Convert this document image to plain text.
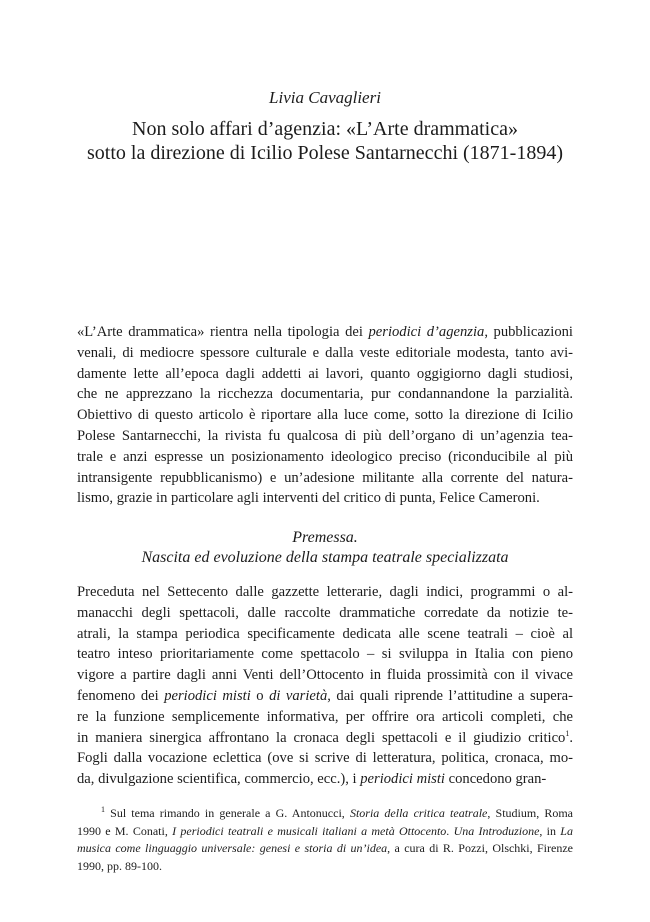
Livia Cavaglieri
Non solo affari d’agenzia: «L’Arte drammatica»
sotto la direzione di Icilio Polese Santarnecchi (1871-1894)
«L’Arte drammatica» rientra nella tipologia dei periodici d’agenzia, pubblicazioni
venali, di mediocre spessore culturale e dalla veste editoriale modesta, tanto avi-
damente lette all’epoca dagli addetti ai lavori, quanto oggigiorno dagli studiosi,
che ne apprezzano la ricchezza documentaria, pur condannandone la parzialità.
Obiettivo di questo articolo è riportare alla luce come, sotto la direzione di Icilio
Polese Santarnecchi, la rivista fu qualcosa di più dell’organo di un’agenzia tea-
trale e anzi espresse un posizionamento ideologico preciso (riconducibile al più
intransigente repubblicanismo) e un’adesione militante alla corrente del natura-
lismo, grazie in particolare agli interventi del critico di punta, Felice Cameroni.
Premessa.
Nascita ed evoluzione della stampa teatrale specializzata
Preceduta nel Settecento dalle gazzette letterarie, dagli indici, programmi o al-
manacchi degli spettacoli, dalle raccolte drammatiche corredate da notizie te-
atrali, la stampa periodica specificamente dedicata alle scene teatrali – cioè al
teatro inteso prioritariamente come spettacolo – si sviluppa in Italia con pieno
vigore a partire dagli anni Venti dell’Ottocento in fluida prossimità con il vivace
fenomeno dei periodici misti o di varietà, dai quali riprende l’attitudine a supera-
re la funzione semplicemente informativa, per offrire ora articoli completi, che
in maniera sinergica affrontano la cronaca degli spettacoli e il giudizio critico$^1$.
Fogli dalla vocazione eclettica (ove si scrive di letteratura, politica, cronaca, mo-
da, divulgazione scientifica, commercio, ecc.), i periodici misti concedono gran-
$^1$ Sul tema rimando in generale a G. Antonucci, Storia della critica teatrale, Studium, Roma
1990 e M. Conati, I periodici teatrali e musicali italiani a metà Ottocento. Una Introduzione, in La
musica come linguaggio universale: genesi e storia di un’idea, a cura di R. Pozzi, Olschki, Firenze
1990, pp. 89-100.
